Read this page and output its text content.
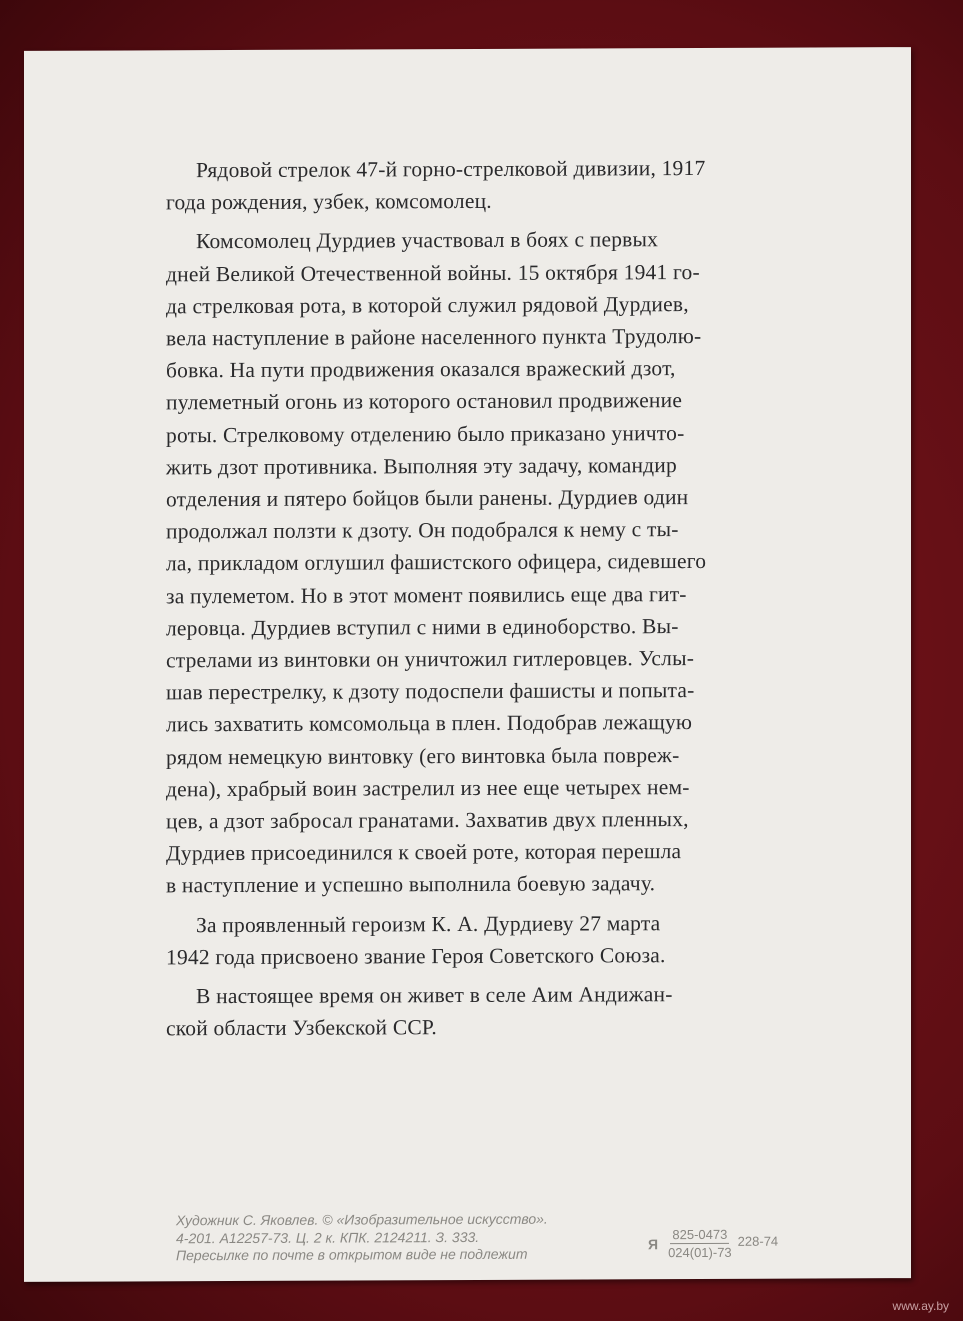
Рядовой стрелок 47-й горно-стрелковой дивизии, 1917
года рождения, узбек, комсомолец.

Комсомолец Дурдиев участвовал в боях с первых
дней Великой Отечественной войны. 15 октября 1941 го-
да стрелковая рота, в которой служил рядовой Дурдиев,
вела наступление в районе населенного пункта Трудолю-
бовка. На пути продвижения оказался вражеский дзот,
пулеметный огонь из которого остановил продвижение
роты. Стрелковому отделению было приказано уничто-
жить дзот противника. Выполняя эту задачу, командир
отделения и пятеро бойцов были ранены. Дурдиев один
продолжал ползти к дзоту. Он подобрался к нему с ты-
ла, прикладом оглушил фашистского офицера, сидевшего
за пулеметом. Но в этот момент появились еще два гит-
леровца. Дурдиев вступил с ними в единоборство. Вы-
стрелами из винтовки он уничтожил гитлеровцев. Услы-
шав перестрелку, к дзоту подоспели фашисты и попыта-
лись захватить комсомольца в плен. Подобрав лежащую
рядом немецкую винтовку (его винтовка была повреж-
дена), храбрый воин застрелил из нее еще четырех нем-
цев, а дзот забросал гранатами. Захватив двух пленных,
Дурдиев присоединился к своей роте, которая перешла
в наступление и успешно выполнила боевую задачу.

За проявленный героизм К. А. Дурдиеву 27 марта
1942 года присвоено звание Героя Советского Союза.

В настоящее время он живет в селе Аим Андижан-
ской области Узбекской ССР.

Художник С. Яковлев. © «Изобразительное искусство».

4-201. А12257-73. Ц. 2 к. КПК. 2124211. З. 333.

Пересылке по почте в открытом виде не подлежит

Я $\frac{825-0473}{024(01)-73} 228-74$
www.ay.by
